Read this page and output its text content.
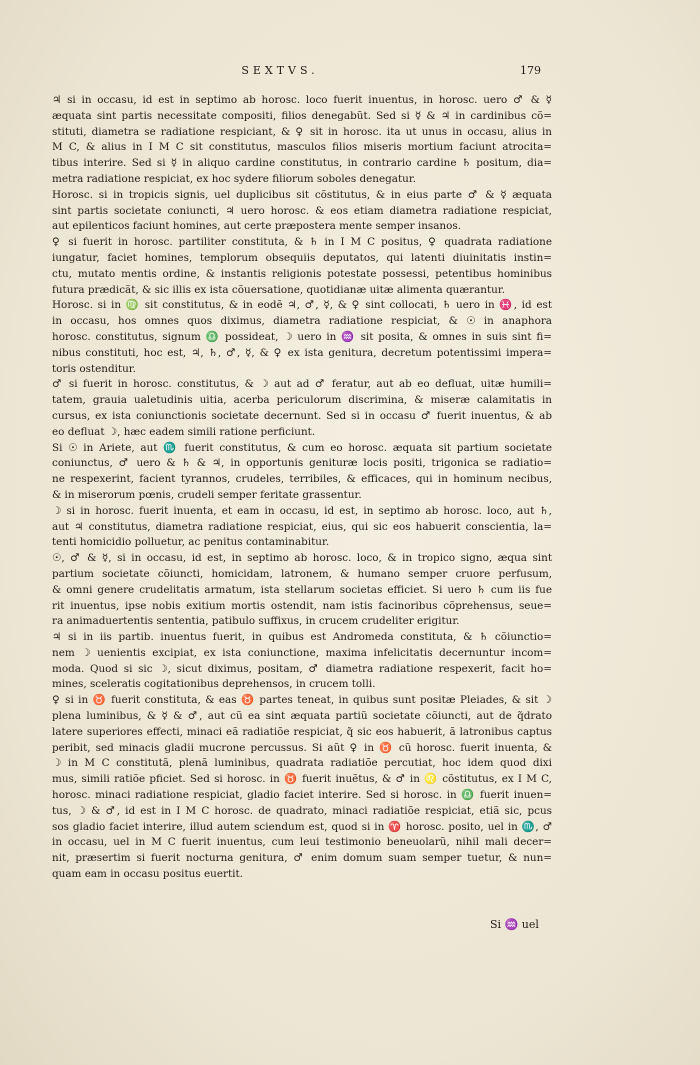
SEXTVS.	179
♃ si in occasu, id est in septimo ab horosc. loco fuerit inuentus, in horosc. uero ♂ & ☿
æquata sint partis necessitate compositi, filios denegabũt. Sed si ☿ & ♃ in cardinibus cõ=
stituti, diametra se radiatione respiciant, & ♀ sit in horosc. ita ut unus in occasu, alius in
M C, & alius in I M C sit constitutus, masculos filios miseris mortium faciunt atrocita=
tibus interire. Sed si ☿ in aliquo cardine constitutus, in contrario cardine ♄ positum, dia=
metra radiatione respiciat, ex hoc sydere filiorum soboles denegatur.
Horosc. si in tropicis signis, uel duplicibus sit cõstitutus, & in eius parte ♂ & ☿ æquata
sint partis societate coniuncti, ♃ uero horosc. & eos etiam diametra radiatione respiciat,
aut epilenticos faciunt homines, aut certe præpostera mente semper insanos.
♀ si fuerit in horosc. partiliter constituta, & ♄ in I M C positus, ♀ quadrata radiatione
iungatur, faciet homines, templorum obsequiis deputatos, qui latenti diuinitatis instin=
ctu, mutato mentis ordine, & instantis religionis potestate possessi, petentibus hominibus
futura prædicãt, & sic illis ex ista cõuersatione, quotidianæ uitæ alimenta quærantur.
Horosc. si in ♍ sit constitutus, & in eodẽ ♃, ♂, ☿, & ♀ sint collocati, ♄ uero in ♓, id est
in occasu, hos omnes quos diximus, diametra radiatione respiciat, & ☉ in anaphora
horosc. constitutus, signum ♎ possideat, ☽ uero in ♒ sit posita, & omnes in suis sint fi=
nibus constituti, hoc est, ♃, ♄, ♂, ☿, & ♀ ex ista genitura, decretum potentissimi impera=
toris ostenditur.
♂ si fuerit in horosc. constitutus, & ☽ aut ad ♂ feratur, aut ab eo defluat, uitæ humili=
tatem, grauia ualetudinis uitia, acerba periculorum discrimina, & miseræ calamitatis in
cursus, ex ista coniunctionis societate decernunt. Sed si in occasu ♂ fuerit inuentus, & ab
eo defluat ☽, hæc eadem simili ratione perficiunt.
Si ☉ in Ariete, aut ♏ fuerit constitutus, & cum eo horosc. æquata sit partium societate
coniunctus, ♂ uero & ♄ & ♃, in opportunis genituræ locis positi, trigonica se radiatio=
ne respexerint, facient tyrannos, crudeles, terribiles, & efficaces, qui in hominum necibus,
& in miserorum pœnis, crudeli semper feritate grassentur.
☽ si in horosc. fuerit inuenta, et eam in occasu, id est, in septimo ab horosc. loco, aut ♄,
aut ♃ constitutus, diametra radiatione respiciat, eius, qui sic eos habuerit conscientia, la=
tenti homicidio polluetur, ac penitus contaminabitur.
☉, ♂ & ☿, si in occasu, id est, in septimo ab horosc. loco, & in tropico signo, æqua sint
partium societate cõiuncti, homicidam, latronem, & humano semper cruore perfusum,
& omni genere crudelitatis armatum, ista stellarum societas efficiet. Si uero ♄ cum iis fue
rit inuentus, ipse nobis exitium mortis ostendit, nam istis facinoribus cõprehensus, seue=
ra animaduertentis sententia, patibulo suffixus, in crucem crudeliter erigitur.
♃ si in iis partib. inuentus fuerit, in quibus est Andromeda constituta, & ♄ cõiunctio=
nem ☽ uenientis excipiat, ex ista coniunctione, maxima infelicitatis decernuntur incom=
moda. Quod si sic ☽, sicut diximus, positam, ♂ diametra radiatione respexerit, facit ho=
mines, sceleratis cogitationibus deprehensos, in crucem tolli.
♀ si in ♉ fuerit constituta, & eas ♉ partes teneat, in quibus sunt positæ Pleiades, & sit ☽
plena luminibus, & ☿ & ♂, aut cũ ea sint æquata partiũ societate cõiuncti, aut de q̃drato
latere superiores effecti, minaci eã radiatiõe respiciat, q̃ sic eos habuerit, ã latronibus captus
peribit, sed minacis gladii mucrone percussus. Si aũt ♀ in ♉ cũ horosc. fuerit inuenta, &
☽ in M C constitutã, plenã luminibus, quadrata radiatiõe percutiat, hoc idem quod dixi
mus, simili ratiõe pficiet. Sed si horosc. in ♉ fuerit inuẽtus, & ♂ in ♌ cõstitutus, ex I M C,
horosc. minaci radiatione respiciat, gladio faciet interire. Sed si horosc. in ♎ fuerit inuen=
tus, ☽ & ♂, id est in I M C horosc. de quadrato, minaci radiatiõe respiciat, etiã sic, pcus
sos gladio faciet interire, illud autem sciendum est, quod si in ♈ horosc. posito, uel in ♏, ♂
in occasu, uel in M C fuerit inuentus, cum leui testimonio beneuolarũ, nihil mali decer=
nit, præsertim si fuerit nocturna genitura, ♂ enim domum suam semper tuetur, & nun=
quam eam in occasu positus euertit.
Si ♒ uel
